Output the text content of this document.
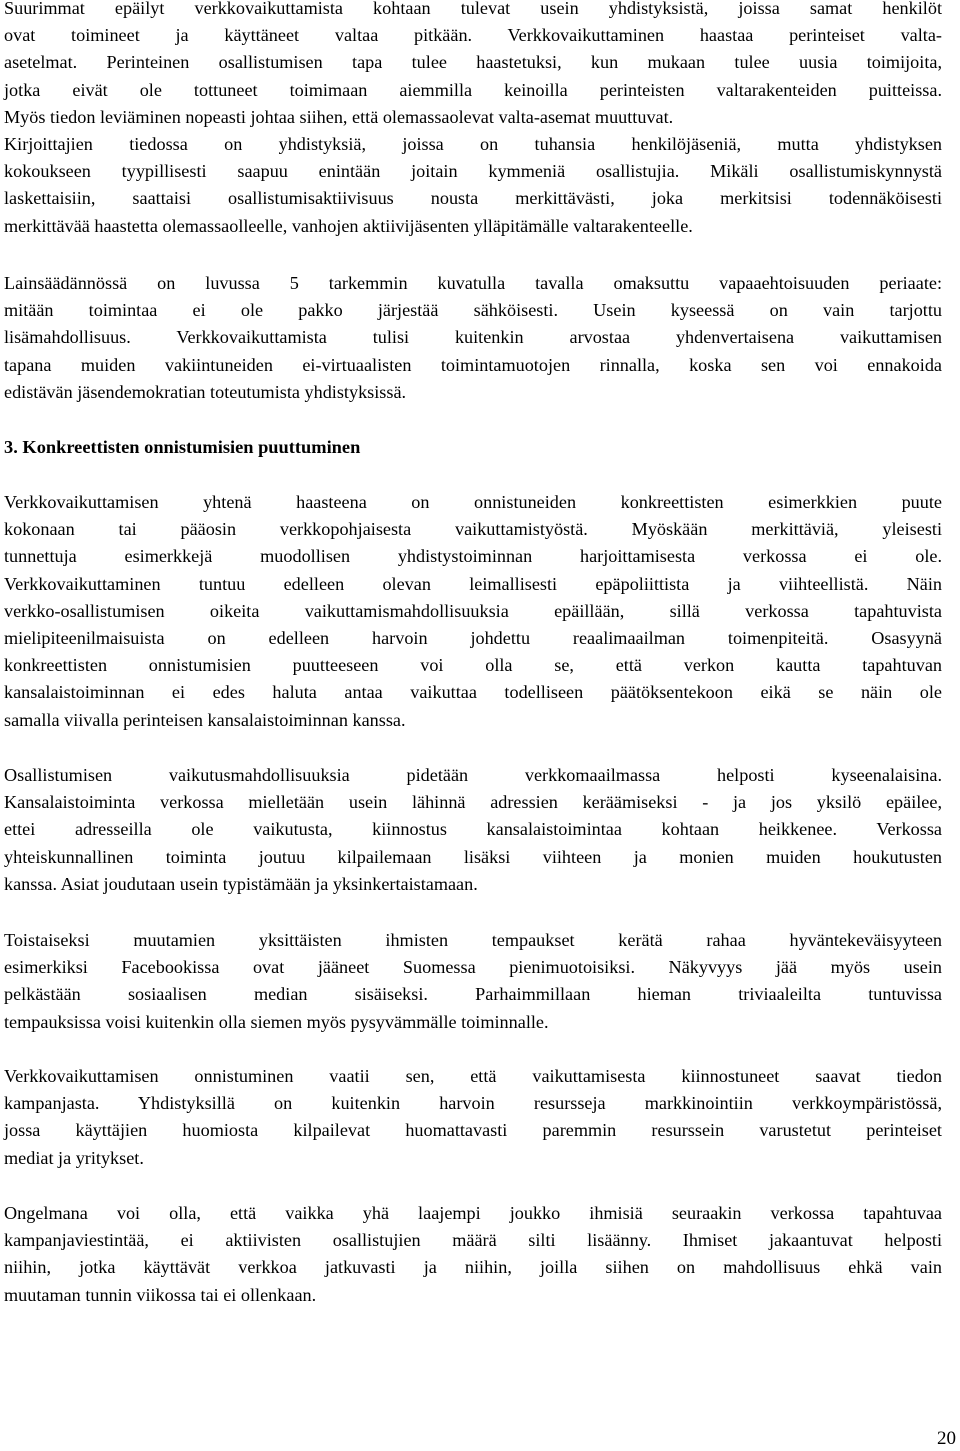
Suurimmat epäilyt verkkovaikuttamista kohtaan tulevat usein yhdistyksistä, joissa samat henkilöt
ovat toimineet ja käyttäneet valtaa pitkään. Verkkovaikuttaminen haastaa perinteiset valta-
asetelmat. Perinteinen osallistumisen tapa tulee haastetuksi, kun mukaan tulee uusia toimijoita,
jotka eivät ole tottuneet toimimaan aiemmilla keinoilla perinteisten valtarakenteiden puitteissa.
Myös tiedon leviäminen nopeasti johtaa siihen, että olemassaolevat valta-asemat muuttuvat.
Kirjoittajien tiedossa on yhdistyksiä, joissa on tuhansia henkilöjäseniä, mutta yhdistyksen
kokoukseen tyypillisesti saapuu enintään joitain kymmeniä osallistujia. Mikäli osallistumiskynnystä
laskettaisiin, saattaisi osallistumisaktiivisuus nousta merkittävästi, joka merkitsisi todennäköisesti
merkittävää haastetta olemassaolleelle, vanhojen aktiivijäsenten ylläpitämälle valtarakenteelle.
Lainsäädännössä on luvussa 5 tarkemmin kuvatulla tavalla omaksuttu vapaaehtoisuuden periaate:
mitään toimintaa ei ole pakko järjestää sähköisesti. Usein kyseessä on vain tarjottu
lisämahdollisuus. Verkkovaikuttamista tulisi kuitenkin arvostaa yhdenvertaisena vaikuttamisen
tapana muiden vakiintuneiden ei-virtuaalisten toimintamuotojen rinnalla, koska sen voi ennakoida
edistävän jäsendemokratian toteutumista yhdistyksissä.
3. Konkreettisten onnistumisien puuttuminen
Verkkovaikuttamisen yhtenä haasteena on onnistuneiden konkreettisten esimerkkien puute
kokonaan tai pääosin verkkopohjaisesta vaikuttamistyöstä. Myöskään merkittäviä, yleisesti
tunnettuja esimerkkejä muodollisen yhdistystoiminnan harjoittamisesta verkossa ei ole.
Verkkovaikuttaminen tuntuu edelleen olevan leimallisesti epäpoliittista ja viihteellistä. Näin
verkko-osallistumisen oikeita vaikuttamismahdollisuuksia epäillään, sillä verkossa tapahtuvista
mielipiteenilmaisuista on edelleen harvoin johdettu reaalimaailman toimenpiteitä. Osasyynä
konkreettisten onnistumisien puutteeseen voi olla se, että verkon kautta tapahtuvan
kansalaistoiminnan ei edes haluta antaa vaikuttaa todelliseen päätöksentekoon eikä se näin ole
samalla viivalla perinteisen kansalaistoiminnan kanssa.
Osallistumisen vaikutusmahdollisuuksia pidetään verkkomaailmassa helposti kyseenalaisina.
Kansalaistoiminta verkossa mielletään usein lähinnä adressien keräämiseksi - ja jos yksilö epäilee,
ettei adresseilla ole vaikutusta, kiinnostus kansalaistoimintaa kohtaan heikkenee. Verkossa
yhteiskunnallinen toiminta joutuu kilpailemaan lisäksi viihteen ja monien muiden houkutusten
kanssa. Asiat joudutaan usein typistämään ja yksinkertaistamaan.
Toistaiseksi muutamien yksittäisten ihmisten tempaukset kerätä rahaa hyväntekeväisyyteen
esimerkiksi Facebookissa ovat jääneet Suomessa pienimuotoisiksi. Näkyvyys jää myös usein
pelkästään sosiaalisen median sisäiseksi. Parhaimmillaan hieman triviaaleilta tuntuvissa
tempauksissa voisi kuitenkin olla siemen myös pysyvämmälle toiminnalle.
Verkkovaikuttamisen onnistuminen vaatii sen, että vaikuttamisesta kiinnostuneet saavat tiedon
kampanjasta. Yhdistyksillä on kuitenkin harvoin resursseja markkinointiin verkkoympäristössä,
jossa käyttäjien huomiosta kilpailevat huomattavasti paremmin resurssein varustetut perinteiset
mediat ja yritykset.
Ongelmana voi olla, että vaikka yhä laajempi joukko ihmisiä seuraakin verkossa tapahtuvaa
kampanjaviestintää, ei aktiivisten osallistujien määrä silti lisäänny. Ihmiset jakaantuvat helposti
niihin, jotka käyttävät verkkoa jatkuvasti ja niihin, joilla siihen on mahdollisuus ehkä vain
muutaman tunnin viikossa tai ei ollenkaan.
20
